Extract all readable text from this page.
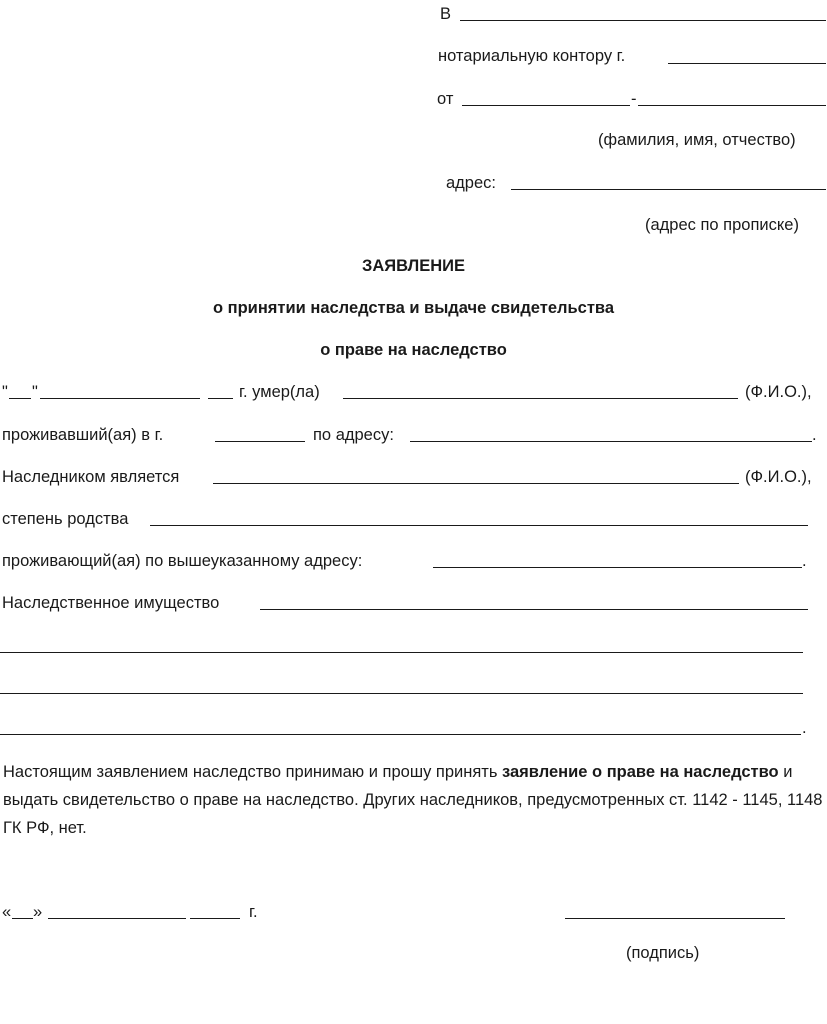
В
нотариальную контору г.
от	-
(фамилия, имя, отчество)
адрес:
(адрес по прописке)
ЗАЯВЛЕНИЕ
о принятии наследства и выдаче свидетельства
о праве на наследство
" "	г. умер(ла)	(Ф.И.О.),
проживавший(ая) в г.	по адресу:	.
Наследником является	(Ф.И.О.),
степень родства
проживающий(ая) по вышеуказанному адресу:	.
Наследственное имущество
.
Настоящим заявлением наследство принимаю и прошу принять заявление о праве на наследство и выдать свидетельство о праве на наследство. Других наследников, предусмотренных ст. 1142 - 1145, 1148 ГК РФ, нет.
« »	г.
(подпись)
